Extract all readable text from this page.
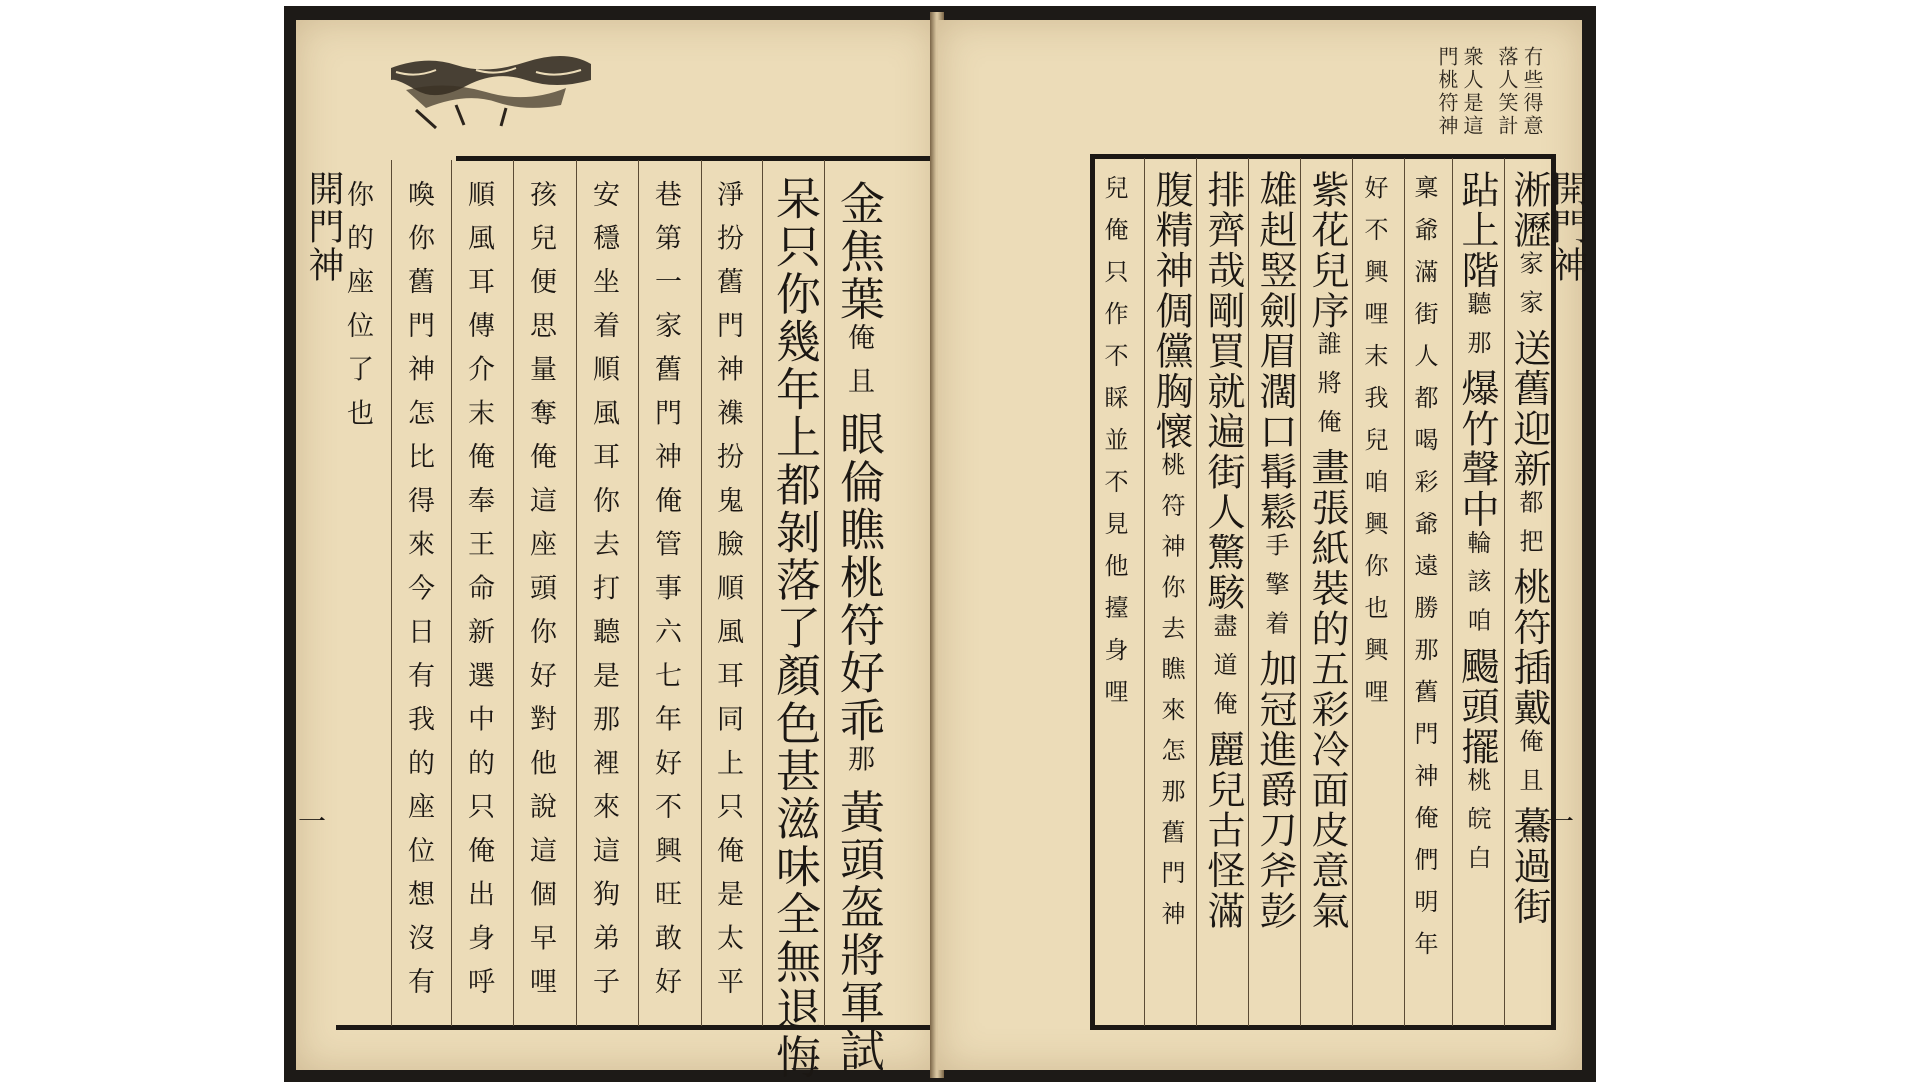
開門神	金焦葉俺且眼倫瞧桃符好乖那黃頭盔將軍試
呆只你幾年上都剝落了顏色甚滋味全無退悔
淨扮舊門神襍扮鬼臉順風耳同上只俺是太平
巷第一家舊門神俺管事六七年好不興旺敢好
安穩坐着順風耳你去打聽是那裡來這狗弟子
孩兒便思量奪俺這座頭你好對他說這個早哩
順風耳傳介末俺奉王命新選中的只俺出身呼
喚你舊門神怎比得來今日有我的座位想沒有
你的座位了也
一
冇些得意
落人笑計
衆人是這
門桃符神
開門神
一
淅瀝家家送舊迎新都把桃符插戴俺且驀過街
跕上階聽那爆竹聲中輪該咱颺頭擺桃皖白
稟爺滿街人都喝彩爺遠勝那舊門神俺們明年
好不興哩末我兒咱興你也興哩
紫花兒序誰將俺畫張紙裝的五彩冷面皮意氣
雄赳竪劍眉濶口髯鬆手擎着加冠進爵刀斧彭
排齊哉剛買就遍街人驚駭盡道俺麗兒古怪滿
腹精神倜儻胸懷桃符神你去瞧來怎那舊門神
兒俺只作不睬並不見他擡身哩
